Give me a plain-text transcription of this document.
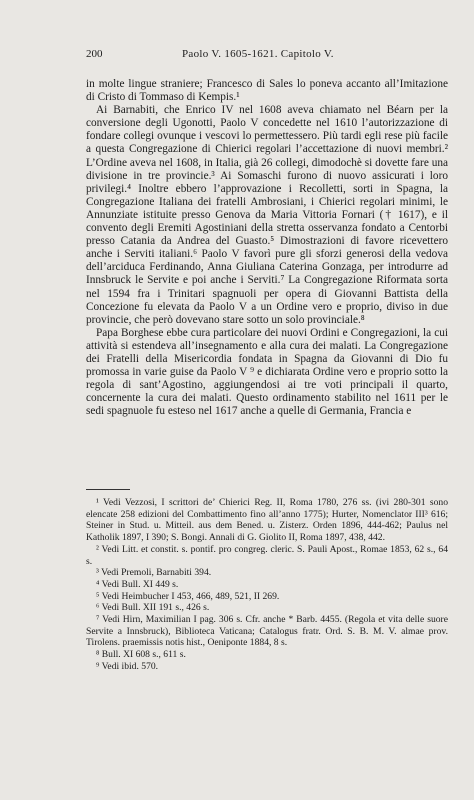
200	Paolo V. 1605-1621. Capitolo V.

in molte lingue straniere; Francesco di Sales lo poneva accanto all’Imitazione di Cristo di Tommaso di Kempis.¹

Ai Barnabiti, che Enrico IV nel 1608 aveva chiamato nel Béarn per la conversione degli Ugonotti, Paolo V concedette nel 1610 l’autorizzazione di fondare collegi ovunque i vescovi lo permettessero. Più tardi egli rese più facile a questa Congregazione di Chierici regolari l’accettazione di nuovi membri.² L’Ordine aveva nel 1608, in Italia, già 26 collegi, dimodochè si dovette fare una divisione in tre provincie.³ Ai Somaschi furono di nuovo assicurati i loro privilegi.⁴ Inoltre ebbero l’approvazione i Recolletti, sorti in Spagna, la Congregazione Italiana dei fratelli Ambrosiani, i Chierici regolari minimi, le Annunziate istituite presso Genova da Maria Vittoria Fornari († 1617), e il convento degli Eremiti Agostiniani della stretta osservanza fondato a Centorbi presso Catania da Andrea del Guasto.⁵ Dimostrazioni di favore ricevettero anche i Serviti italiani.⁶ Paolo V favorì pure gli sforzi generosi della vedova dell’arciduca Ferdinando, Anna Giuliana Caterina Gonzaga, per introdurre ad Innsbruck le Servite e poi anche i Serviti.⁷ La Congregazione Riformata sorta nel 1594 fra i Trinitari spagnuoli per opera di Giovanni Battista della Concezione fu elevata da Paolo V a un Ordine vero e proprio, diviso in due provincie, che però dovevano stare sotto un solo provinciale.⁸

Papa Borghese ebbe cura particolare dei nuovi Ordini e Congregazioni, la cui attività si estendeva all’insegnamento e alla cura dei malati. La Congregazione dei Fratelli della Misericordia fondata in Spagna da Giovanni di Dio fu promossa in varie guise da Paolo V ⁹ e dichiarata Ordine vero e proprio sotto la regola di sant’Agostino, aggiungendosi ai tre voti principali il quarto, concernente la cura dei malati. Questo ordinamento stabilito nel 1611 per le sedi spagnuole fu esteso nel 1617 anche a quelle di Germania, Francia e

¹ Vedi Vezzosi, I scrittori de’ Chierici Reg. II, Roma 1780, 276 ss. (ivi 280-301 sono elencate 258 edizioni del Combattimento fino all’anno 1775); Hurter, Nomenclator III³ 616; Steiner in Stud. u. Mitteil. aus dem Bened. u. Zisterz. Orden 1896, 444-462; Paulus nel Katholik 1897, I 390; S. Bongi. Annali di G. Giolito II, Roma 1897, 438, 442.

² Vedi Litt. et constit. s. pontif. pro congreg. cleric. S. Pauli Apost., Romae 1853, 62 s., 64 s.

³ Vedi Premoli, Barnabiti 394.

⁴ Vedi Bull. XI 449 s.

⁵ Vedi Heimbucher I 453, 466, 489, 521, II 269.

⁶ Vedi Bull. XII 191 s., 426 s.

⁷ Vedi Hirn, Maximilian I pag. 306 s. Cfr. anche * Barb. 4455. (Regola et vita delle suore Servite a Innsbruck), Biblioteca Vaticana; Catalogus fratr. Ord. S. B. M. V. almae prov. Tirolens. praemissis notis hist., Oeniponte 1884, 8 s.

⁸ Bull. XI 608 s., 611 s.

⁹ Vedi ibid. 570.
